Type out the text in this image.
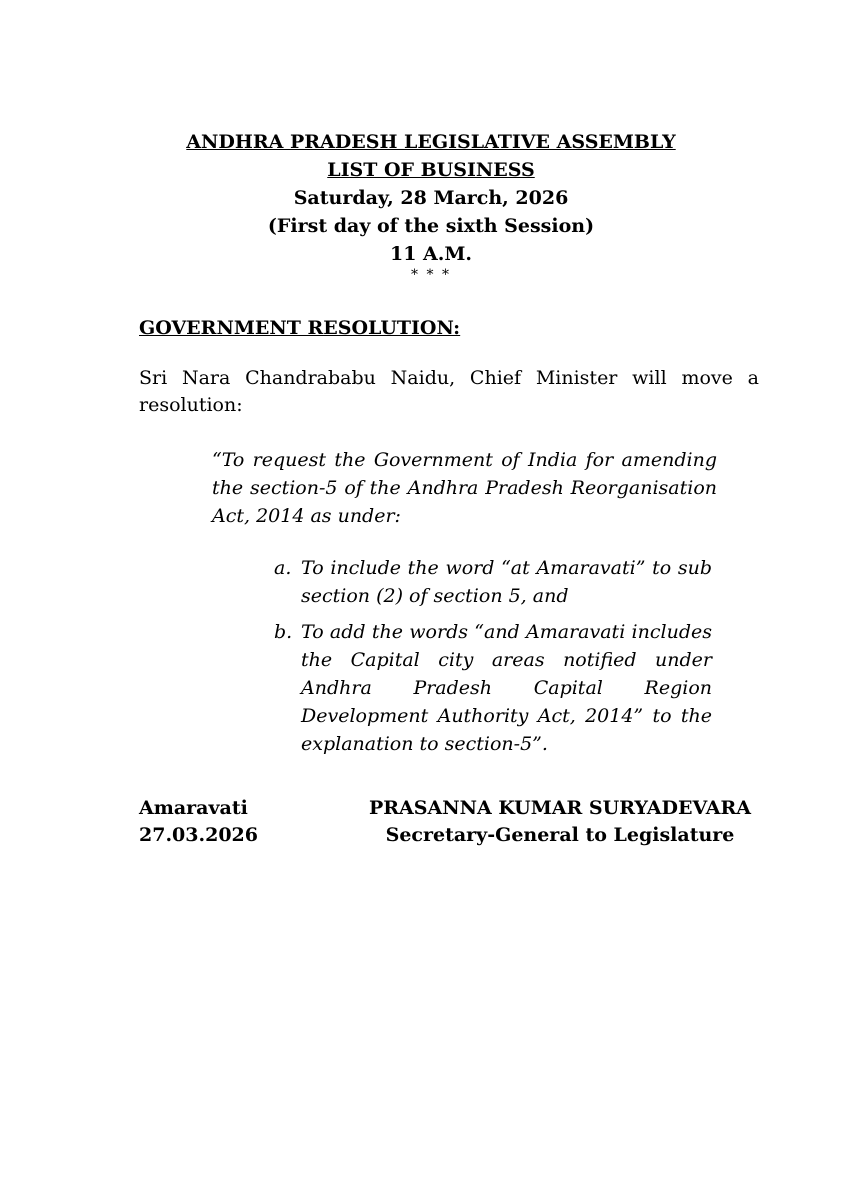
ANDHRA PRADESH LEGISLATIVE ASSEMBLY
LIST OF BUSINESS
Saturday, 28 March, 2026
(First day of the sixth Session)
11 A.M.
* * *
GOVERNMENT RESOLUTION:
Sri Nara Chandrababu Naidu, Chief Minister will move a resolution:
“To request the Government of India for amending the section-5 of the Andhra Pradesh Reorganisation Act, 2014 as under:
a. To include the word “at Amaravati” to sub section (2) of section 5, and
b. To add the words “and Amaravati includes the Capital city areas notified under Andhra Pradesh Capital Region Development Authority Act, 2014” to the explanation to section-5”.
Amaravati
27.03.2026
PRASANNA KUMAR SURYADEVARA
Secretary-General to Legislature
